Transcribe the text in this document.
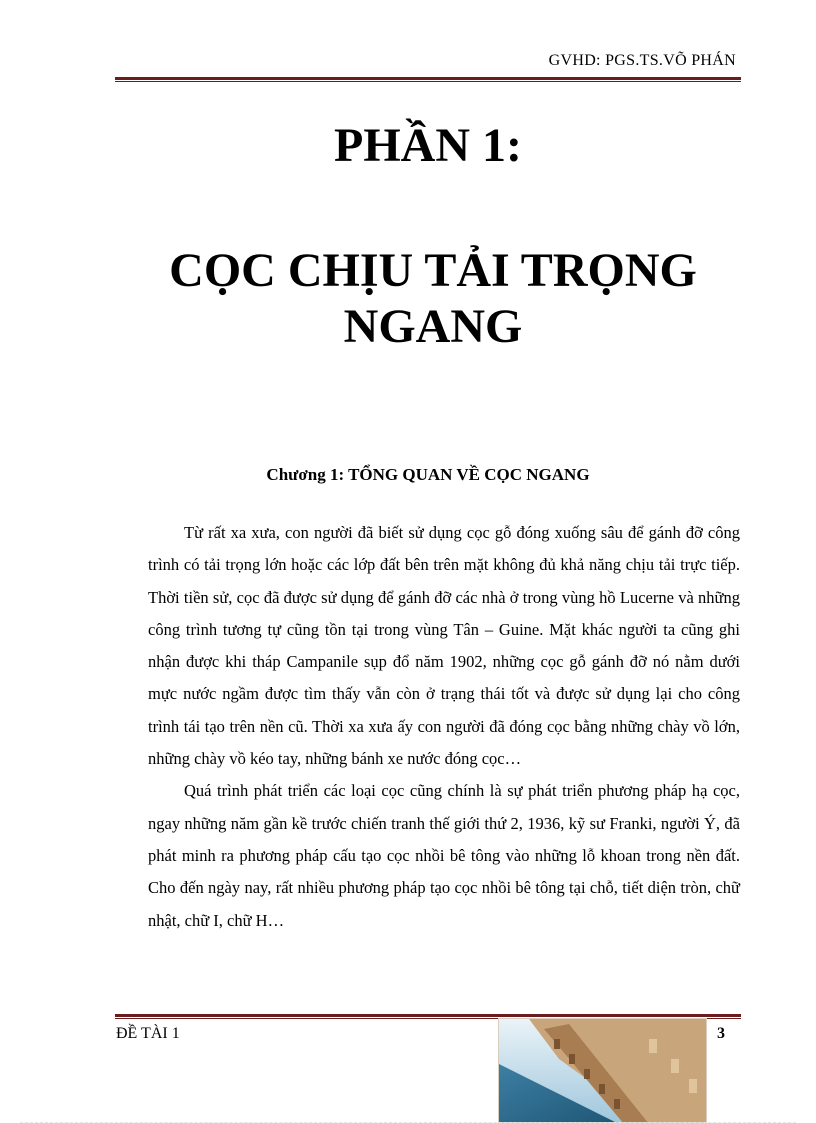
GVHD: PGS.TS.VÕ PHÁN
PHẦN 1:
CỌC CHỊU TẢI TRỌNG
NGANG
Chương 1: TỔNG QUAN VỀ CỌC NGANG

Từ rất xa xưa, con người đã biết sử dụng cọc gỗ đóng xuống sâu để gánh đỡ công trình có tải trọng lớn hoặc các lớp đất bên trên mặt không đủ khả năng chịu tải trực tiếp. Thời tiền sử, cọc đã được sử dụng để gánh đỡ các nhà ở trong vùng hồ Lucerne và những công trình tương tự cũng tồn tại trong vùng Tân – Guine. Mặt khác người ta cũng ghi nhận được khi tháp Campanile sụp đổ năm 1902, những cọc gỗ gánh đỡ nó nằm dưới mực nước ngầm được tìm thấy vẫn còn ở trạng thái tốt và được sử dụng lại cho công trình tái tạo trên nền cũ. Thời xa xưa ấy con người đã đóng cọc bằng những chày vồ lớn, những chày vồ kéo tay, những bánh xe nước đóng cọc…

Quá trình phát triển các loại cọc cũng chính là sự phát triển phương pháp hạ cọc, ngay những năm gần kề trước chiến tranh thế giới thứ 2, 1936, kỹ sư Franki, người Ý, đã phát minh ra phương pháp cấu tạo cọc nhồi bê tông vào những lỗ khoan trong nền đất. Cho đến ngày nay, rất nhiều phương pháp tạo cọc nhồi bê tông tại chỗ, tiết diện tròn, chữ nhật, chữ I, chữ H…

ĐỀ TÀI 1	3
